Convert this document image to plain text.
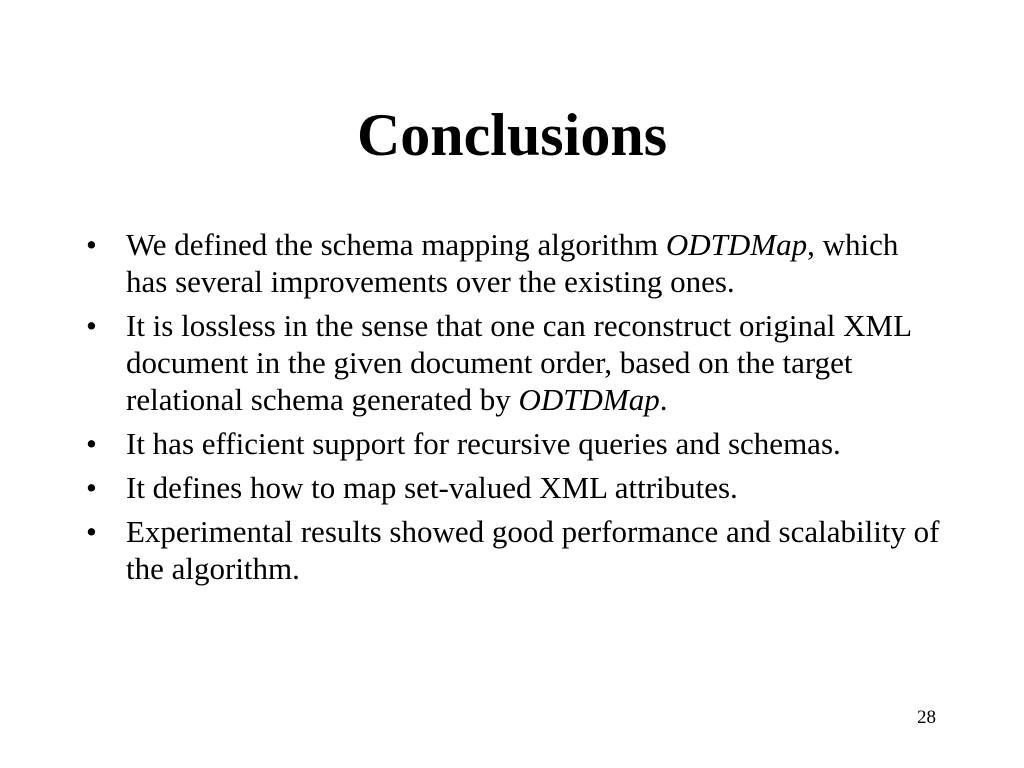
Conclusions
• We defined the schema mapping algorithm ODTDMap, which has several improvements over the existing ones.
• It is lossless in the sense that one can reconstruct original XML document in the given document order, based on the target relational schema generated by ODTDMap.
• It has efficient support for recursive queries and schemas.
• It defines how to map set-valued XML attributes.
• Experimental results showed good performance and scalability of the algorithm.
28
